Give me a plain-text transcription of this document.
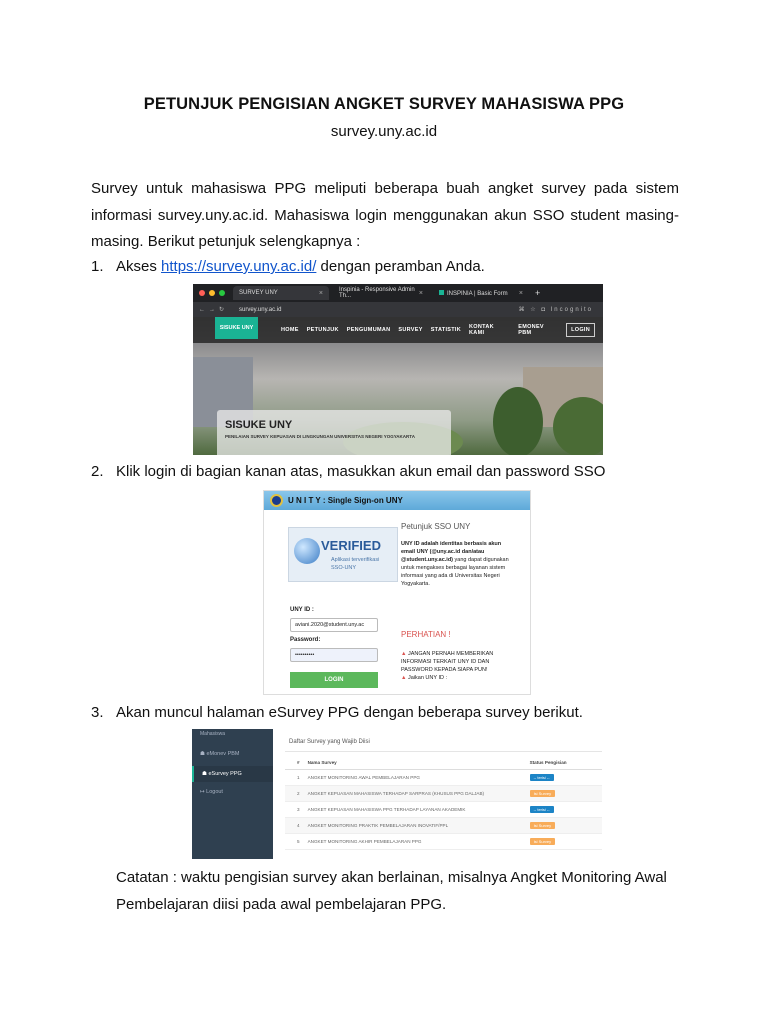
PETUNJUK PENGISIAN ANGKET SURVEY MAHASISWA PPG
survey.uny.ac.id
Survey untuk mahasiswa PPG meliputi beberapa buah angket survey pada sistem informasi survey.uny.ac.id. Mahasiswa login menggunakan akun SSO student masing-masing. Berikut petunjuk selengkapnya :
1. Akses https://survey.uny.ac.id/ dengan peramban Anda.
SURVEY UNY	×	Inspinia - Responsive Admin Th...	×	INSPINIA | Basic Form × +
←→↻	survey.uny.ac.id	⌘ ☆ ◘ Incognito
SISUKE UNY	HOME PETUNJUK PENGUMUMAN SURVEY STATISTIK KONTAK KAMI
EMONEV PBM	LOGIN
SISUKE UNY
PENILAIAN SURVEY KEPUASAN DI LINGKUNGAN UNIVERSITAS NEGERI YOGYAKARTA
2. Klik login di bagian kanan atas, masukkan akun email dan password SSO
U N I T Y : Single Sign-on UNY
VERIFIED
Aplikasi terverifikasi
SSO-UNY
UNY ID :
aviani.2020@student.uny.ac
Password:
••••••••••
LOGIN
Petunjuk SSO UNY
UNY ID adalah identitas berbasis akun email UNY (@uny.ac.id dan/atau @student.uny.ac.id) yang dapat digunakan untuk mengakses berbagai layanan sistem informasi yang ada di Universitas Negeri Yogyakarta.
PERHATIAN !
▲ JANGAN PERNAH MEMBERIKAN INFORMASI TERKAIT UNY ID DAN PASSWORD KEPADA SIAPA PUN!
▲ Jaikan UNY ID :
3. Akan muncul halaman eSurvey PPG dengan beberapa survey berikut.
Mahasiswa
☗ eMonev PBM
☗ eSurvey PPG
↦ Logout
Daftar Survey yang Wajib Diisi
#	Nama Survey	Status Pengisian
1	ANGKET MONITORING AWAL PEMBELAJARAN PPG	-- terisi --
2	ANGKET KEPUASAN MAHASISWA TERHADAP SARPRAS (KHUSUS PPG DALJAB)	Isi Survey
3	ANGKET KEPUASAN MAHASISWA PPG TERHADAP LAYANAN AKADEMIK	-- terisi --
4	ANGKET MONITORING PRAKTIK PEMBELAJARAN INOVATIF/PPL	Isi Survey
5	ANGKET MONITORING AKHIR PEMBELAJARAN PPG	Isi Survey
Catatan : waktu pengisian survey akan berlainan, misalnya Angket Monitoring Awal Pembelajaran diisi pada awal pembelajaran PPG.
